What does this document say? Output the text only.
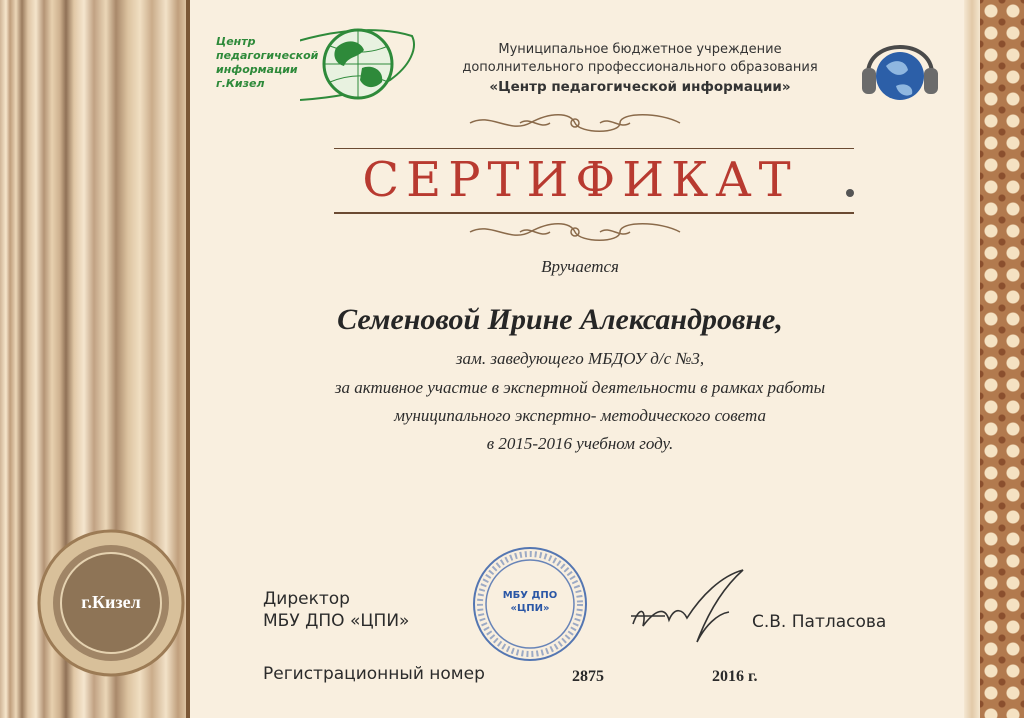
Центр
педагогической
информации
г.Кизел
Муниципальное бюджетное учреждение
дополнительного профессионального образования
«Центр педагогической информации»
СЕРТИФИКАТ
Вручается
Семеновой Ирине Александровне,
зам. заведующего МБДОУ д/с №3,
за активное участие в экспертной деятельности в рамках работы
муниципального экспертно- методического совета
в 2015-2016 учебном году.
г.Кизел	Директор
МБУ ДПО «ЦПИ»
МБУ ДПО
«ЦПИ»
С.В. Патласова
Регистрационный номер	2875	2016 г.
